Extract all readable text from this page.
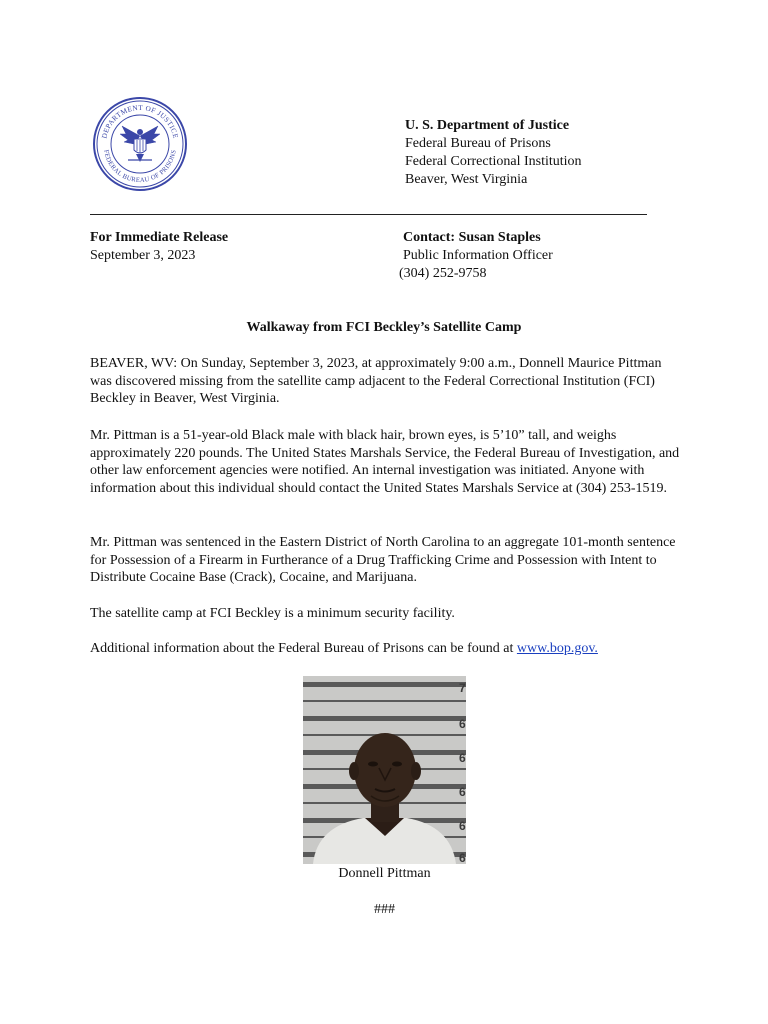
DEPARTMENT OF JUSTICE
FEDERAL BUREAU OF PRISONS
U. S. Department of Justice
Federal Bureau of Prisons
Federal Correctional Institution
Beaver, West Virginia
For Immediate Release
September 3, 2023
Contact: Susan Staples
Public Information Officer
(304) 252-9758
Walkaway from FCI Beckley’s Satellite Camp

BEAVER, WV: On Sunday, September 3, 2023, at approximately 9:00 a.m., Donnell Maurice Pittman was discovered missing from the satellite camp adjacent to the Federal Correctional Institution (FCI) Beckley in Beaver, West Virginia.

Mr. Pittman is a 51-year-old Black male with black hair, brown eyes, is 5’10” tall, and weighs approximately 220 pounds. The United States Marshals Service, the Federal Bureau of Investigation, and other law enforcement agencies were notified. An internal investigation was initiated. Anyone with information about this individual should contact the United States Marshals Service at (304) 253-1519.

Mr. Pittman was sentenced in the Eastern District of North Carolina to an aggregate 101-month sentence for Possession of a Firearm in Furtherance of a Drug Trafficking Crime and Possession with Intent to Distribute Cocaine Base (Crack), Cocaine, and Marijuana.

The satellite camp at FCI Beckley is a minimum security facility.

Additional information about the Federal Bureau of Prisons can be found at www.bop.gov.

7
6
6
6
6
6
Donnell Pittman
###
